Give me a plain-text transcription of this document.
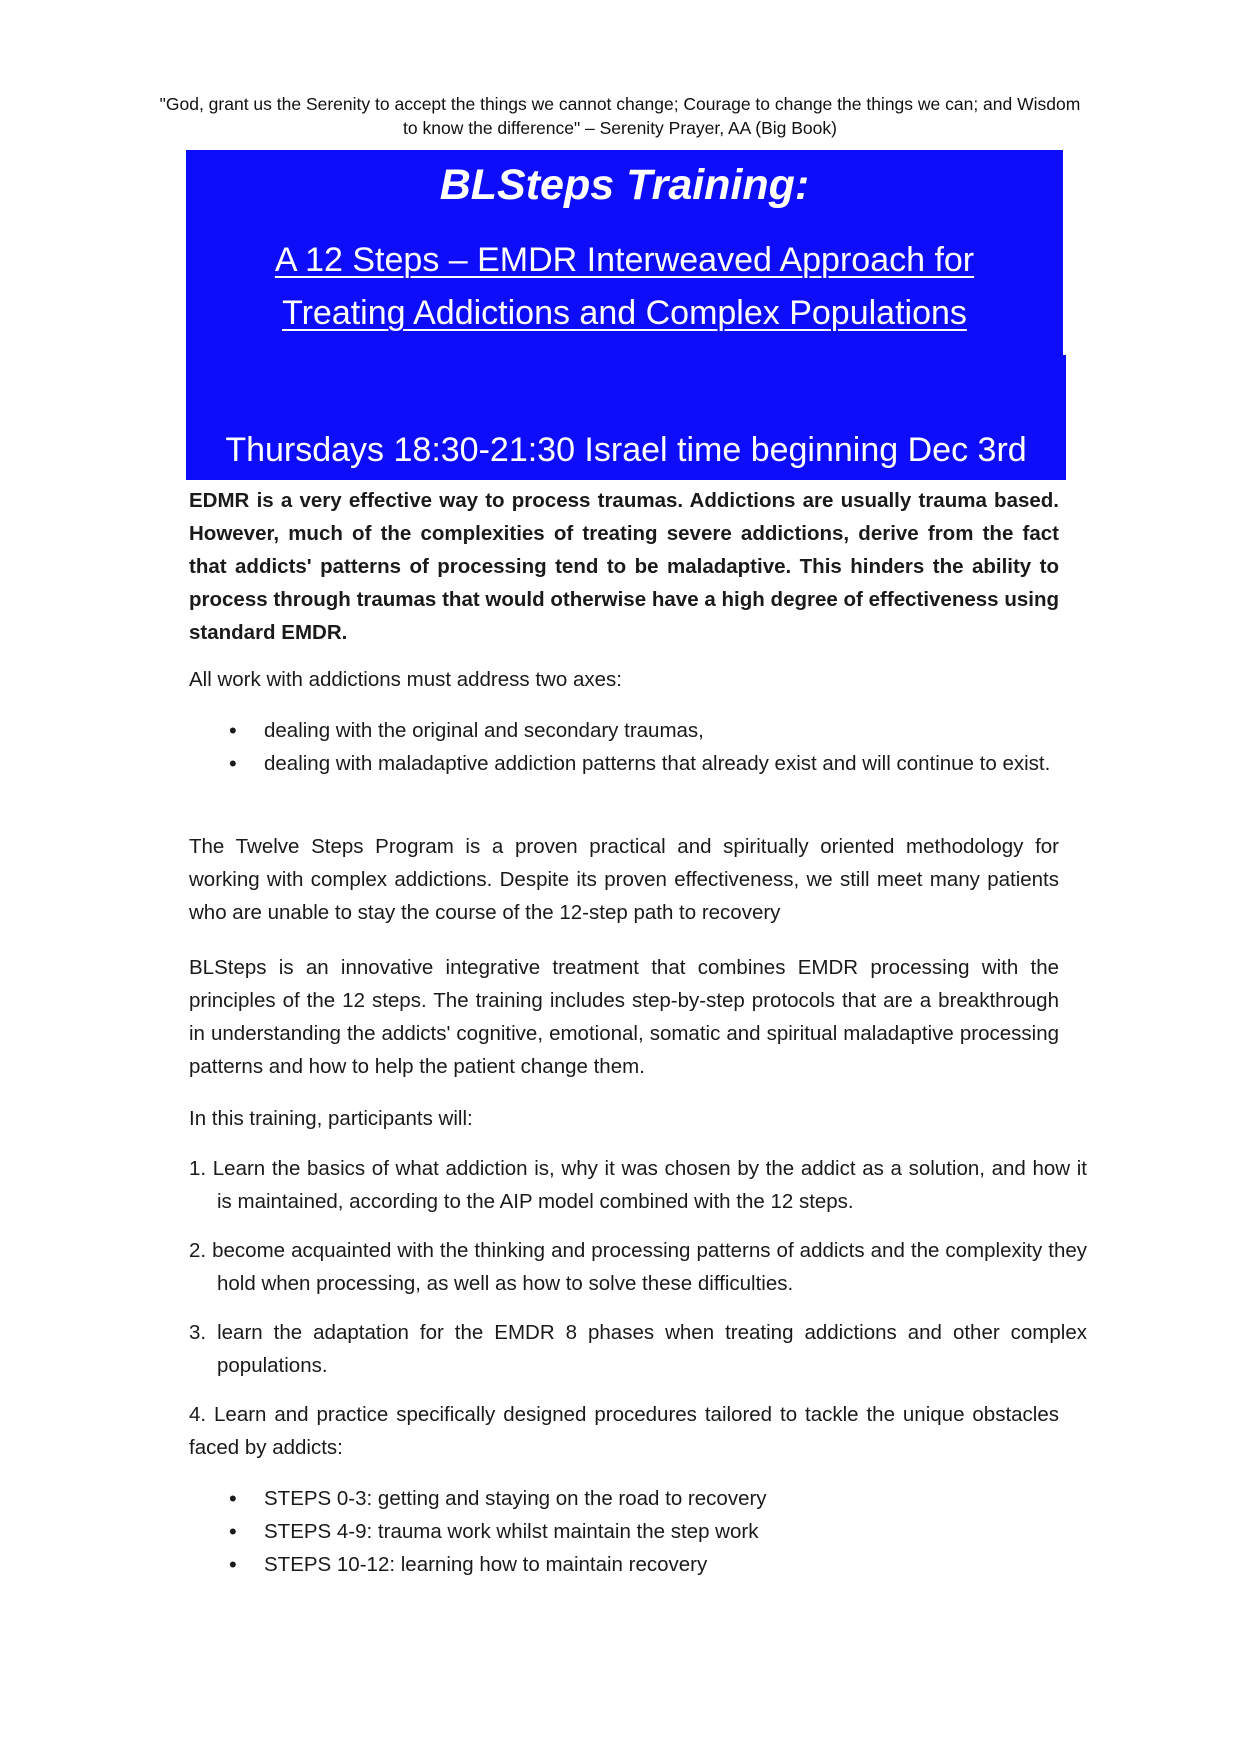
"God, grant us the Serenity to accept the things we cannot change; Courage to change the things we can; and Wisdom to know the difference" – Serenity Prayer, AA (Big Book)

BLSteps Training:
A 12 Steps – EMDR Interweaved Approach for
Treating Addictions and Complex Populations
Thursdays 18:30-21:30 Israel time beginning Dec 3rd

EDMR is a very effective way to process traumas. Addictions are usually trauma based. However, much of the complexities of treating severe addictions, derive from the fact that addicts' patterns of processing tend to be maladaptive. This hinders the ability to process through traumas that would otherwise have a high degree of effectiveness using standard EMDR.

All work with addictions must address two axes:

• dealing with the original and secondary traumas,
• dealing with maladaptive addiction patterns that already exist and will continue to exist.

The Twelve Steps Program is a proven practical and spiritually oriented methodology for working with complex addictions. Despite its proven effectiveness, we still meet many patients who are unable to stay the course of the 12-step path to recovery

BLSteps is an innovative integrative treatment that combines EMDR processing with the principles of the 12 steps. The training includes step-by-step protocols that are a breakthrough in understanding the addicts' cognitive, emotional, somatic and spiritual maladaptive processing patterns and how to help the patient change them.

In this training, participants will:

1. Learn the basics of what addiction is, why it was chosen by the addict as a solution, and how it is maintained, according to the AIP model combined with the 12 steps.

2. become acquainted with the thinking and processing patterns of addicts and the complexity they hold when processing, as well as how to solve these difficulties.

3. learn the adaptation for the EMDR 8 phases when treating addictions and other complex populations.

4. Learn and practice specifically designed procedures tailored to tackle the unique obstacles faced by addicts:

• STEPS 0-3: getting and staying on the road to recovery
• STEPS 4-9: trauma work whilst maintain the step work
• STEPS 10-12: learning how to maintain recovery
